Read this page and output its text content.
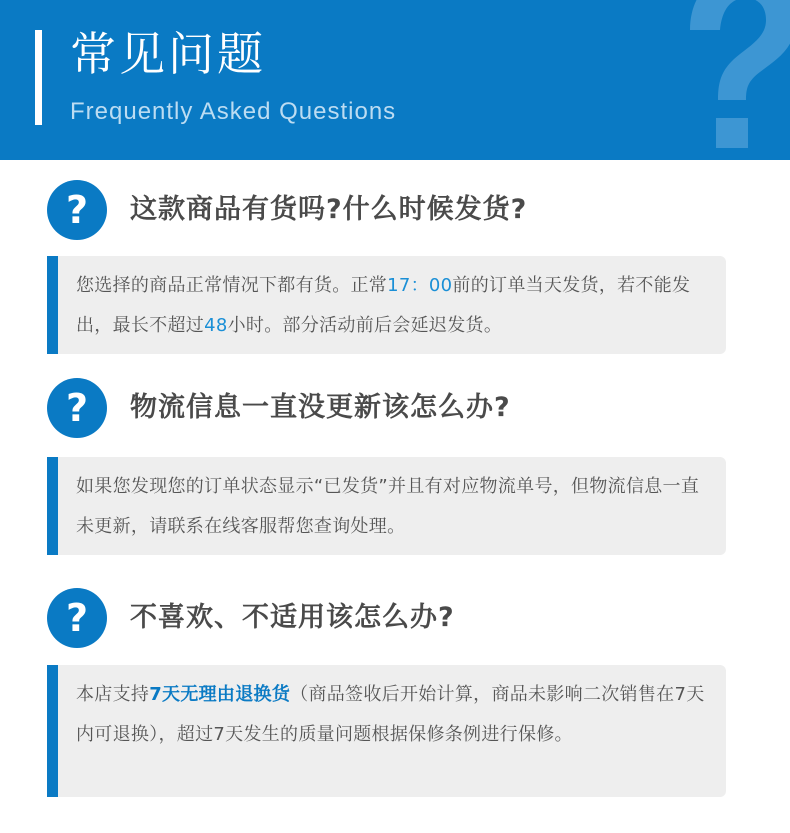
常见问题
Frequently Asked Questions
? 这款商品有货吗?什么时候发货?
您选择的商品正常情况下都有货。正常17：00前的订单当天发货，若不能发出，最长不超过48小时。部分活动前后会延迟发货。
? 物流信息一直没更新该怎么办?
如果您发现您的订单状态显示“已发货”并且有对应物流单号，但物流信息一直未更新，请联系在线客服帮您查询处理。
? 不喜欢、不适用该怎么办?
本店支持7天无理由退换货（商品签收后开始计算，商品未影响二次销售在7天内可退换），超过7天发生的质量问题根据保修条例进行保修。
